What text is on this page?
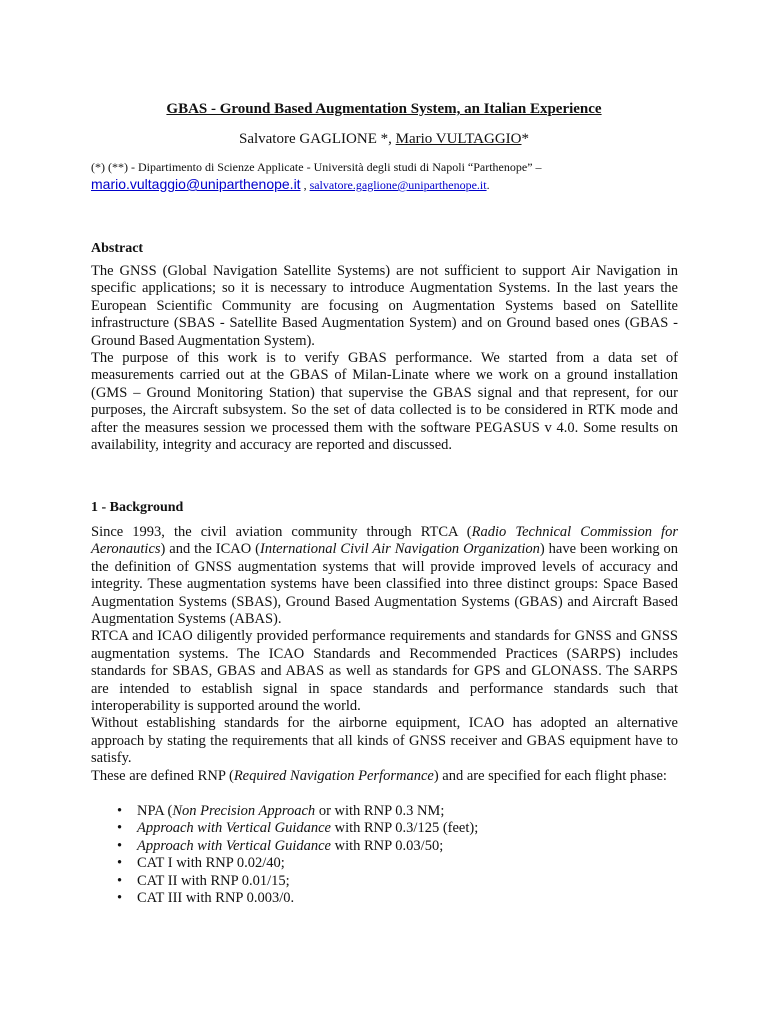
GBAS - Ground Based Augmentation System, an Italian Experience
Salvatore GAGLIONE *, Mario VULTAGGIO*
(*) (**) - Dipartimento di Scienze Applicate - Università degli studi di Napoli “Parthenope” –
mario.vultaggio@uniparthenope.it , salvatore.gaglione@uniparthenope.it.
Abstract

The GNSS (Global Navigation Satellite Systems) are not sufficient to support Air Navigation in specific applications; so it is necessary to introduce Augmentation Systems. In the last years the European Scientific Community are focusing on Augmentation Systems based on Satellite infrastructure (SBAS - Satellite Based Augmentation System) and on Ground based ones (GBAS - Ground Based Augmentation System).

The purpose of this work is to verify GBAS performance. We started from a data set of measurements carried out at the GBAS of Milan-Linate where we work on a ground installation (GMS – Ground Monitoring Station) that supervise the GBAS signal and that represent, for our purposes, the Aircraft subsystem. So the set of data collected is to be considered in RTK mode and after the measures session we processed them with the software PEGASUS v 4.0. Some results on availability, integrity and accuracy are reported and discussed.

1 - Background

Since 1993, the civil aviation community through RTCA (Radio Technical Commission for Aeronautics) and the ICAO (International Civil Air Navigation Organization) have been working on the definition of GNSS augmentation systems that will provide improved levels of accuracy and integrity. These augmentation systems have been classified into three distinct groups: Space Based Augmentation Systems (SBAS), Ground Based Augmentation Systems (GBAS) and Aircraft Based Augmentation Systems (ABAS).

RTCA and ICAO diligently provided performance requirements and standards for GNSS and GNSS augmentation systems. The ICAO Standards and Recommended Practices (SARPS) includes standards for SBAS, GBAS and ABAS as well as standards for GPS and GLONASS. The SARPS are intended to establish signal in space standards and performance standards such that interoperability is supported around the world.

Without establishing standards for the airborne equipment, ICAO has adopted an alternative approach by stating the requirements that all kinds of GNSS receiver and GBAS equipment have to satisfy.

These are defined RNP (Required Navigation Performance) and are specified for each flight phase:

• NPA (Non Precision Approach or with RNP 0.3 NM;
• Approach with Vertical Guidance with RNP 0.3/125 (feet);
• Approach with Vertical Guidance with RNP 0.03/50;
• CAT I with RNP 0.02/40;
• CAT II with RNP 0.01/15;
• CAT III with RNP 0.003/0.
